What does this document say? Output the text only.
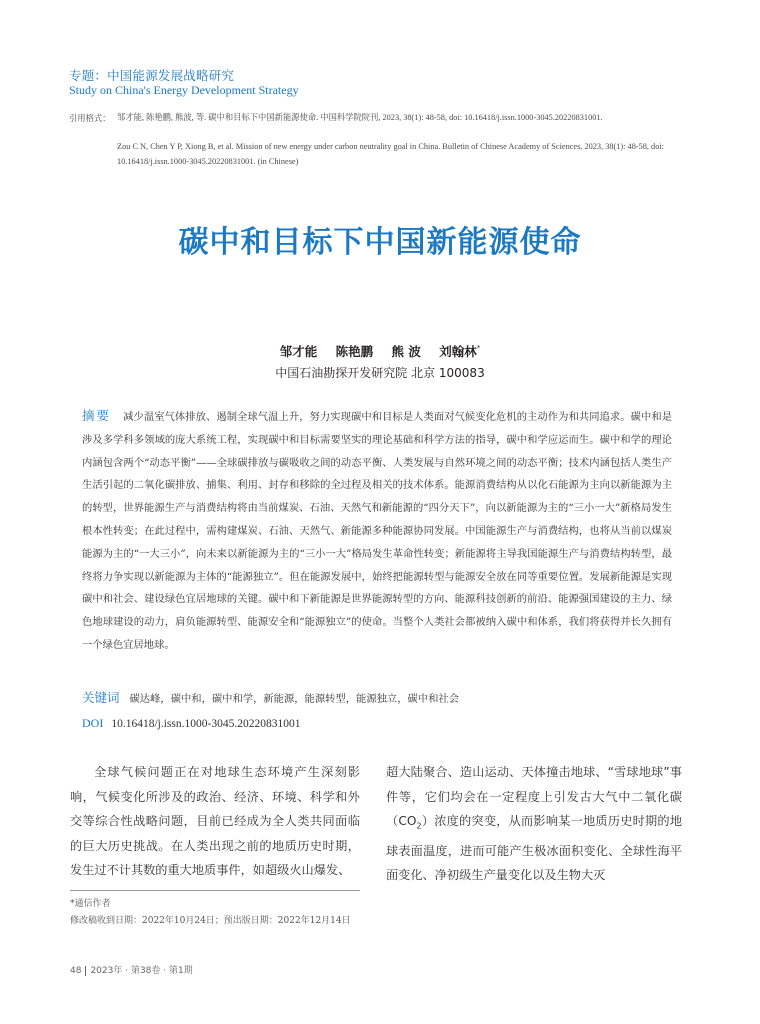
专题：中国能源发展战略研究
Study on China's Energy Development Strategy
引用格式： 邹才能, 陈艳鹏, 熊波, 等. 碳中和目标下中国新能源使命. 中国科学院院刊, 2023, 38(1): 48-58, doi: 10.16418/j.issn.1000-3045.20220831001.
Zou C N, Chen Y P, Xiong B, et al. Mission of new energy under carbon neutrality goal in China. Bulletin of Chinese Academy of Sciences, 2023, 38(1): 48-58, doi: 10.16418/j.issn.1000-3045.20220831001. (in Chinese)
碳中和目标下中国新能源使命
邹才能 陈艳鹏 熊 波 刘翰林*
中国石油勘探开发研究院 北京 100083
摘要 减少温室气体排放、遏制全球气温上升，努力实现碳中和目标是人类面对气候变化危机的主动作为和共同追求。碳中和是涉及多学科多领域的庞大系统工程，实现碳中和目标需要坚实的理论基础和科学方法的指导，碳中和学应运而生。碳中和学的理论内涵包含两个“动态平衡”——全球碳排放与碳吸收之间的动态平衡、人类发展与自然环境之间的动态平衡；技术内涵包括人类生产生活引起的二氧化碳排放、捕集、利用、封存和移除的全过程及相关的技术体系。能源消费结构从以化石能源为主向以新能源为主的转型，世界能源生产与消费结构将由当前煤炭、石油、天然气和新能源的“四分天下”，向以新能源为主的“三小一大”新格局发生根本性转变；在此过程中，需构建煤炭、石油、天然气、新能源多种能源协同发展。中国能源生产与消费结构，也将从当前以煤炭能源为主的“一大三小”，向未来以新能源为主的“三小一大”格局发生革命性转变；新能源将主导我国能源生产与消费结构转型，最终将力争实现以新能源为主体的“能源独立”。但在能源发展中，始终把能源转型与能源安全放在同等重要位置。发展新能源是实现碳中和社会、建设绿色宜居地球的关键。碳中和下新能源是世界能源转型的方向、能源科技创新的前沿、能源强国建设的主力、绿色地球建设的动力，肩负能源转型、能源安全和“能源独立”的使命。当整个人类社会都被纳入碳中和体系，我们将获得并长久拥有一个绿色宜居地球。
关键词 碳达峰，碳中和，碳中和学，新能源，能源转型，能源独立，碳中和社会
DOI 10.16418/j.issn.1000-3045.20220831001
全球气候问题正在对地球生态环境产生深刻影响，气候变化所涉及的政治、经济、环境、科学和外交等综合性战略问题，目前已经成为全人类共同面临的巨大历史挑战。在人类出现之前的地质历史时期，发生过不计其数的重大地质事件，如超级火山爆发、
超大陆聚合、造山运动、天体撞击地球、“雪球地球”事件等，它们均会在一定程度上引发古大气中二氧化碳$(CO_2)$浓度的突变，从而影响某一地质历史时期的地球表面温度，进而可能产生极冰面积变化、全球性海平面变化、净初级生产量变化以及生物大灭
*通信作者
修改稿收到日期：2022年10月24日；预出版日期：2022年12月14日
48 2023年 · 第38卷 · 第1期
